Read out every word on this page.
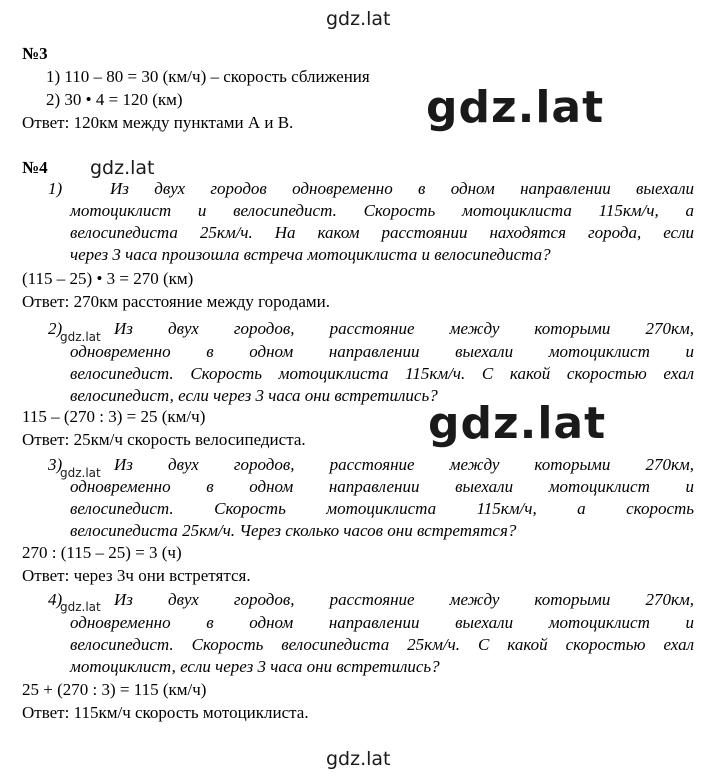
gdz.lat
gdz.lat
gdz.lat
gdz.lat
gdz.lat
№3
1) 110 – 80 = 30 (км/ч) – скорость сближения
2) 30 • 4 = 120 (км)
Ответ: 120км между пунктами А и В.
№4
1)	Из двух городов одновременно в одном направлении выехали
мотоциклист и велосипедист. Скорость мотоциклиста 115км/ч, а
велосипедиста 25км/ч. На каком расстоянии находятся города, если
через 3 часа произошла встреча мотоциклиста и велосипедиста?
(115 – 25) • 3 = 270 (км)
Ответ: 270км расстояние между городами.
2)
gdz.lat Из двух городов, расстояние между которыми 270км,
одновременно в одном направлении выехали мотоциклист и
велосипедист. Скорость мотоциклиста 115км/ч. С какой скоростью ехал
велосипедист, если через 3 часа они встретились?
115 – (270 : 3) = 25 (км/ч)
Ответ: 25км/ч скорость велосипедиста.
3)
gdz.lat Из двух городов, расстояние между которыми 270км,
одновременно в одном направлении выехали мотоциклист и
велосипедист. Скорость мотоциклиста 115км/ч, а скорость
велосипедиста 25км/ч. Через сколько часов они встретятся?
270 : (115 – 25) = 3 (ч)
Ответ: через 3ч они встретятся.
4)
gdz.lat Из двух городов, расстояние между которыми 270км,
одновременно в одном направлении выехали мотоциклист и
велосипедист. Скорость велосипедиста 25км/ч. С какой скоростью ехал
мотоциклист, если через 3 часа они встретились?
25 + (270 : 3) = 115 (км/ч)
Ответ: 115км/ч скорость мотоциклиста.
